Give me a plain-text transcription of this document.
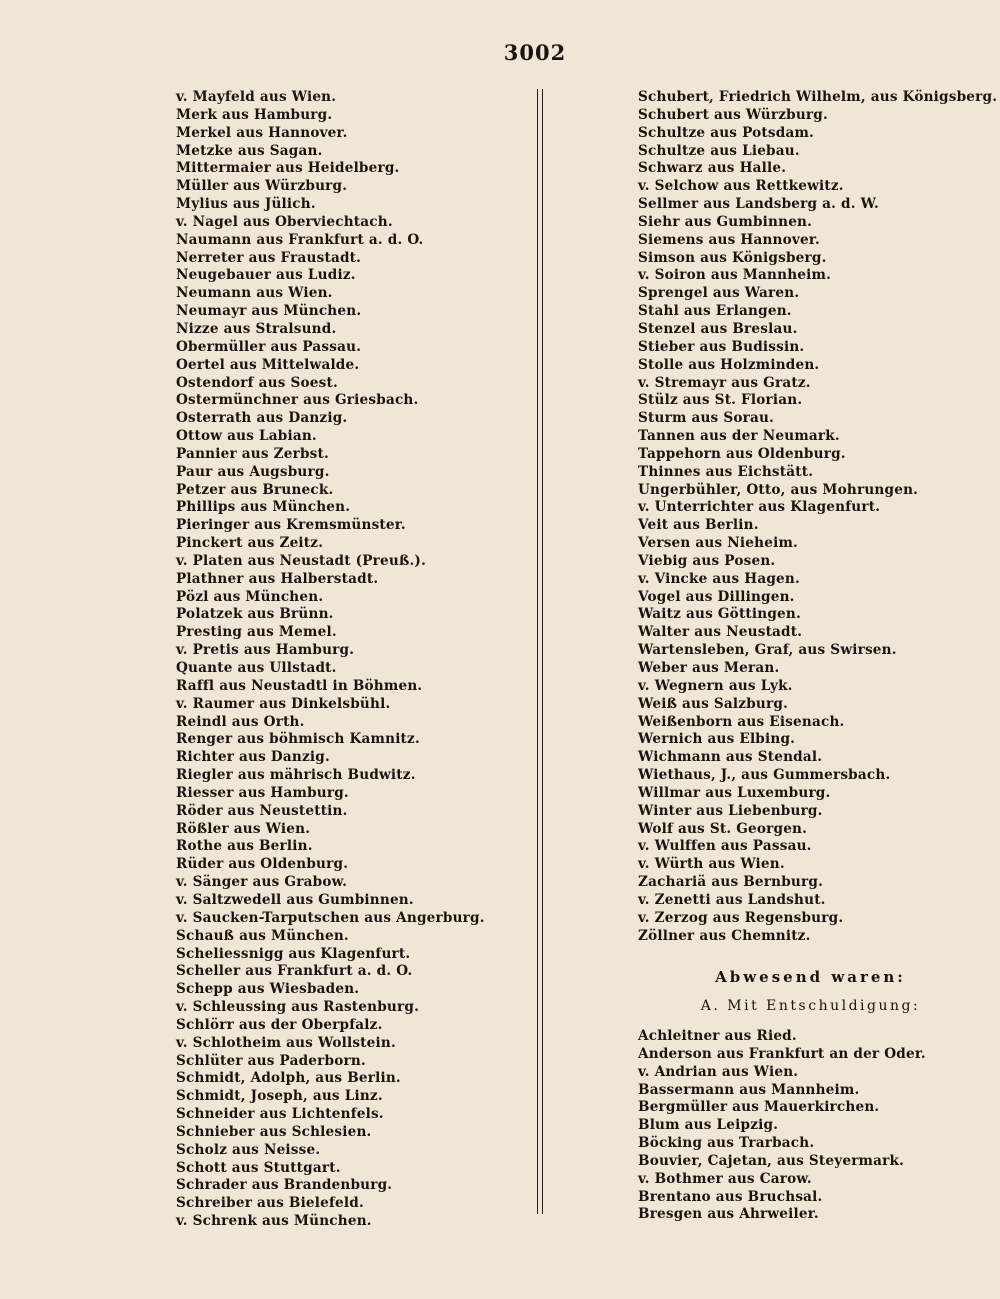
3002
v. Mayfeld aus Wien.
Merk aus Hamburg.
Merkel aus Hannover.
Metzke aus Sagan.
Mittermaier aus Heidelberg.
Müller aus Würzburg.
Mylius aus Jülich.
v. Nagel aus Oberviechtach.
Naumann aus Frankfurt a. d. O.
Nerreter aus Fraustadt.
Neugebauer aus Ludiz.
Neumann aus Wien.
Neumayr aus München.
Nizze aus Stralsund.
Obermüller aus Passau.
Oertel aus Mittelwalde.
Ostendorf aus Soest.
Ostermünchner aus Griesbach.
Osterrath aus Danzig.
Ottow aus Labian.
Pannier aus Zerbst.
Paur aus Augsburg.
Petzer aus Bruneck.
Phillips aus München.
Pieringer aus Kremsmünster.
Pinckert aus Zeitz.
v. Platen aus Neustadt (Preuß.).
Plathner aus Halberstadt.
Pözl aus München.
Polatzek aus Brünn.
Presting aus Memel.
v. Pretis aus Hamburg.
Quante aus Ullstadt.
Raffl aus Neustadtl in Böhmen.
v. Raumer aus Dinkelsbühl.
Reindl aus Orth.
Renger aus böhmisch Kamnitz.
Richter aus Danzig.
Riegler aus mährisch Budwitz.
Riesser aus Hamburg.
Röder aus Neustettin.
Rößler aus Wien.
Rothe aus Berlin.
Rüder aus Oldenburg.
v. Sänger aus Grabow.
v. Saltzwedell aus Gumbinnen.
v. Saucken-Tarputschen aus Angerburg.
Schauß aus München.
Scheliessnigg aus Klagenfurt.
Scheller aus Frankfurt a. d. O.
Schepp aus Wiesbaden.
v. Schleussing aus Rastenburg.
Schlörr aus der Oberpfalz.
v. Schlotheim aus Wollstein.
Schlüter aus Paderborn.
Schmidt, Adolph, aus Berlin.
Schmidt, Joseph, aus Linz.
Schneider aus Lichtenfels.
Schnieber aus Schlesien.
Scholz aus Neisse.
Schott aus Stuttgart.
Schrader aus Brandenburg.
Schreiber aus Bielefeld.
v. Schrenk aus München.
Schubert, Friedrich Wilhelm, aus Königsberg.
Schubert aus Würzburg.
Schultze aus Potsdam.
Schultze aus Liebau.
Schwarz aus Halle.
v. Selchow aus Rettkewitz.
Sellmer aus Landsberg a. d. W.
Siehr aus Gumbinnen.
Siemens aus Hannover.
Simson aus Königsberg.
v. Soiron aus Mannheim.
Sprengel aus Waren.
Stahl aus Erlangen.
Stenzel aus Breslau.
Stieber aus Budissin.
Stolle aus Holzminden.
v. Stremayr aus Gratz.
Stülz aus St. Florian.
Sturm aus Sorau.
Tannen aus der Neumark.
Tappehorn aus Oldenburg.
Thinnes aus Eichstätt.
Ungerbühler, Otto, aus Mohrungen.
v. Unterrichter aus Klagenfurt.
Veit aus Berlin.
Versen aus Nieheim.
Viebig aus Posen.
v. Vincke aus Hagen.
Vogel aus Dillingen.
Waitz aus Göttingen.
Walter aus Neustadt.
Wartensleben, Graf, aus Swirsen.
Weber aus Meran.
v. Wegnern aus Lyk.
Weiß aus Salzburg.
Weißenborn aus Eisenach.
Wernich aus Elbing.
Wichmann aus Stendal.
Wiethaus, J., aus Gummersbach.
Willmar aus Luxemburg.
Winter aus Liebenburg.
Wolf aus St. Georgen.
v. Wulffen aus Passau.
v. Würth aus Wien.
Zachariä aus Bernburg.
v. Zenetti aus Landshut.
v. Zerzog aus Regensburg.
Zöllner aus Chemnitz.
Abwesend waren:
A. Mit Entschuldigung:
Achleitner aus Ried.
Anderson aus Frankfurt an der Oder.
v. Andrian aus Wien.
Bassermann aus Mannheim.
Bergmüller aus Mauerkirchen.
Blum aus Leipzig.
Böcking aus Trarbach.
Bouvier, Cajetan, aus Steyermark.
v. Bothmer aus Carow.
Brentano aus Bruchsal.
Bresgen aus Ahrweiler.
